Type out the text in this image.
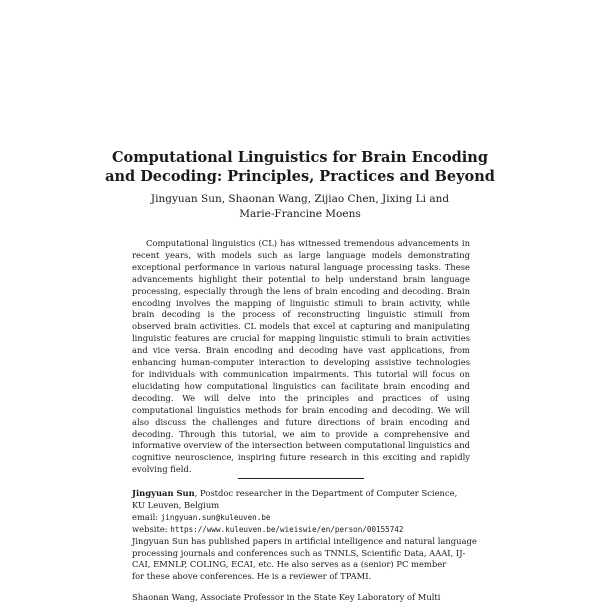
Computational Linguistics for Brain Encoding
and Decoding: Principles, Practices and Beyond
Jingyuan Sun, Shaonan Wang, Zijiao Chen, Jixing Li and
Marie-Francine Moens
Computational linguistics (CL) has witnessed tremendous advancements in recent years, with models such as large language models demonstrating exceptional performance in various natural language processing tasks. These advancements highlight their potential to help understand brain language processing, especially through the lens of brain encoding and decoding. Brain encoding involves the mapping of linguistic stimuli to brain activity, while brain decoding is the process of reconstructing linguistic stimuli from observed brain activities. CL models that excel at capturing and manipulating linguistic features are crucial for mapping linguistic stimuli to brain activities and vice versa. Brain encoding and decoding have vast applications, from enhancing human-computer interaction to developing assistive technologies for individuals with communication impairments. This tutorial will focus on elucidating how computational linguistics can facilitate brain encoding and decoding. We will delve into the principles and practices of using computational linguistics methods for brain encoding and decoding. We will also discuss the challenges and future directions of brain encoding and decoding. Through this tutorial, we aim to provide a comprehensive and informative overview of the intersection between computational linguistics and cognitive neuroscience, inspiring future research in this exciting and rapidly evolving field.
Jingyuan Sun, Postdoc researcher in the Department of Computer Science,
KU Leuven, Belgium
email: jingyuan.sun@kuleuven.be
website: https://www.kuleuven.be/wieiswie/en/person/00155742
Jingyuan Sun has published papers in artificial intelligence and natural language
processing journals and conferences such as TNNLS, Scientific Data, AAAI, IJ-
CAI, EMNLP, COLING, ECAI, etc. He also serves as a (senior) PC member
for these above conferences. He is a reviewer of TPAMI.
Shaonan Wang, Associate Professor in the State Key Laboratory of Multi
